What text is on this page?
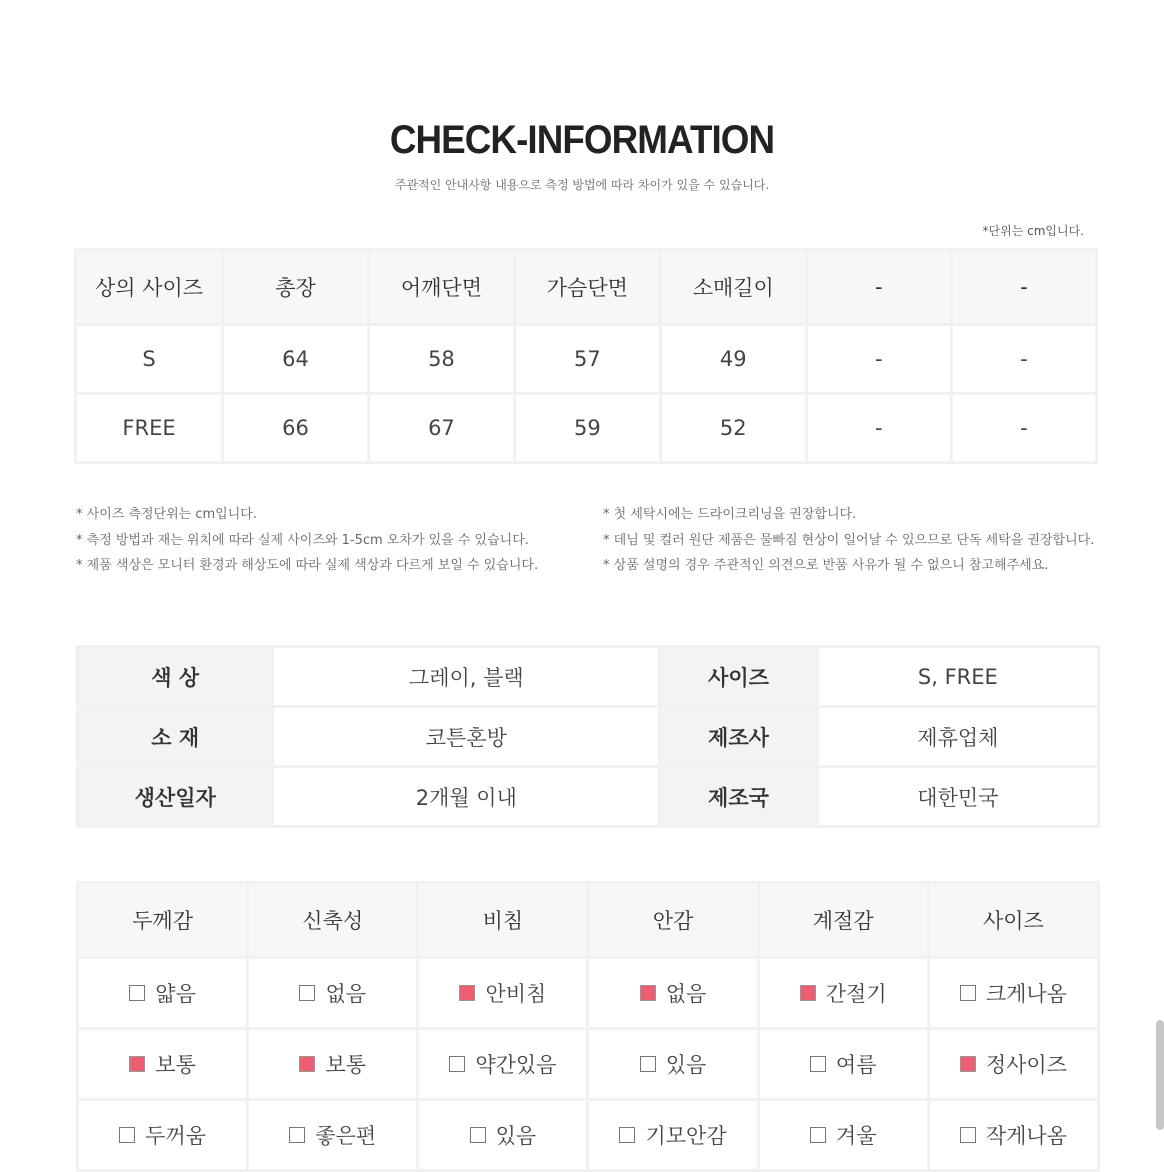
CHECK-INFORMATION
주관적인 안내사항 내용으로 측정 방법에 따라 차이가 있을 수 있습니다.
*단위는 cm입니다.
상의 사이즈	총장	어깨단면	가슴단면	소매길이	-	-
S	64	58	57	49	-	-
FREE	66	67	59	52	-	-
* 사이즈 측정단위는 cm입니다.
* 측정 방법과 재는 위치에 따라 실제 사이즈와 1-5cm 오차가 있을 수 있습니다.
* 제품 색상은 모니터 환경과 해상도에 따라 실제 색상과 다르게 보일 수 있습니다.
* 첫 세탁시에는 드라이크리닝을 권장합니다.
* 데님 및 컬러 원단 제품은 물빠짐 현상이 일어날 수 있으므로 단독 세탁을 권장합니다.
* 상품 설명의 경우 주관적인 의견으로 반품 사유가 될 수 없으니 참고해주세요.
색 상	그레이, 블랙	사이즈	S, FREE
소 재	코튼혼방	제조사	제휴업체
생산일자	2개월 이내	제조국	대한민국
두께감	신축성	비침	안감	계절감	사이즈

얇음	없음	안비침	없음	간절기	크게나옴

보통	보통	약간있음	있음	여름	정사이즈

두꺼움	좋은편	있음	기모안감	겨울	작게나옴
